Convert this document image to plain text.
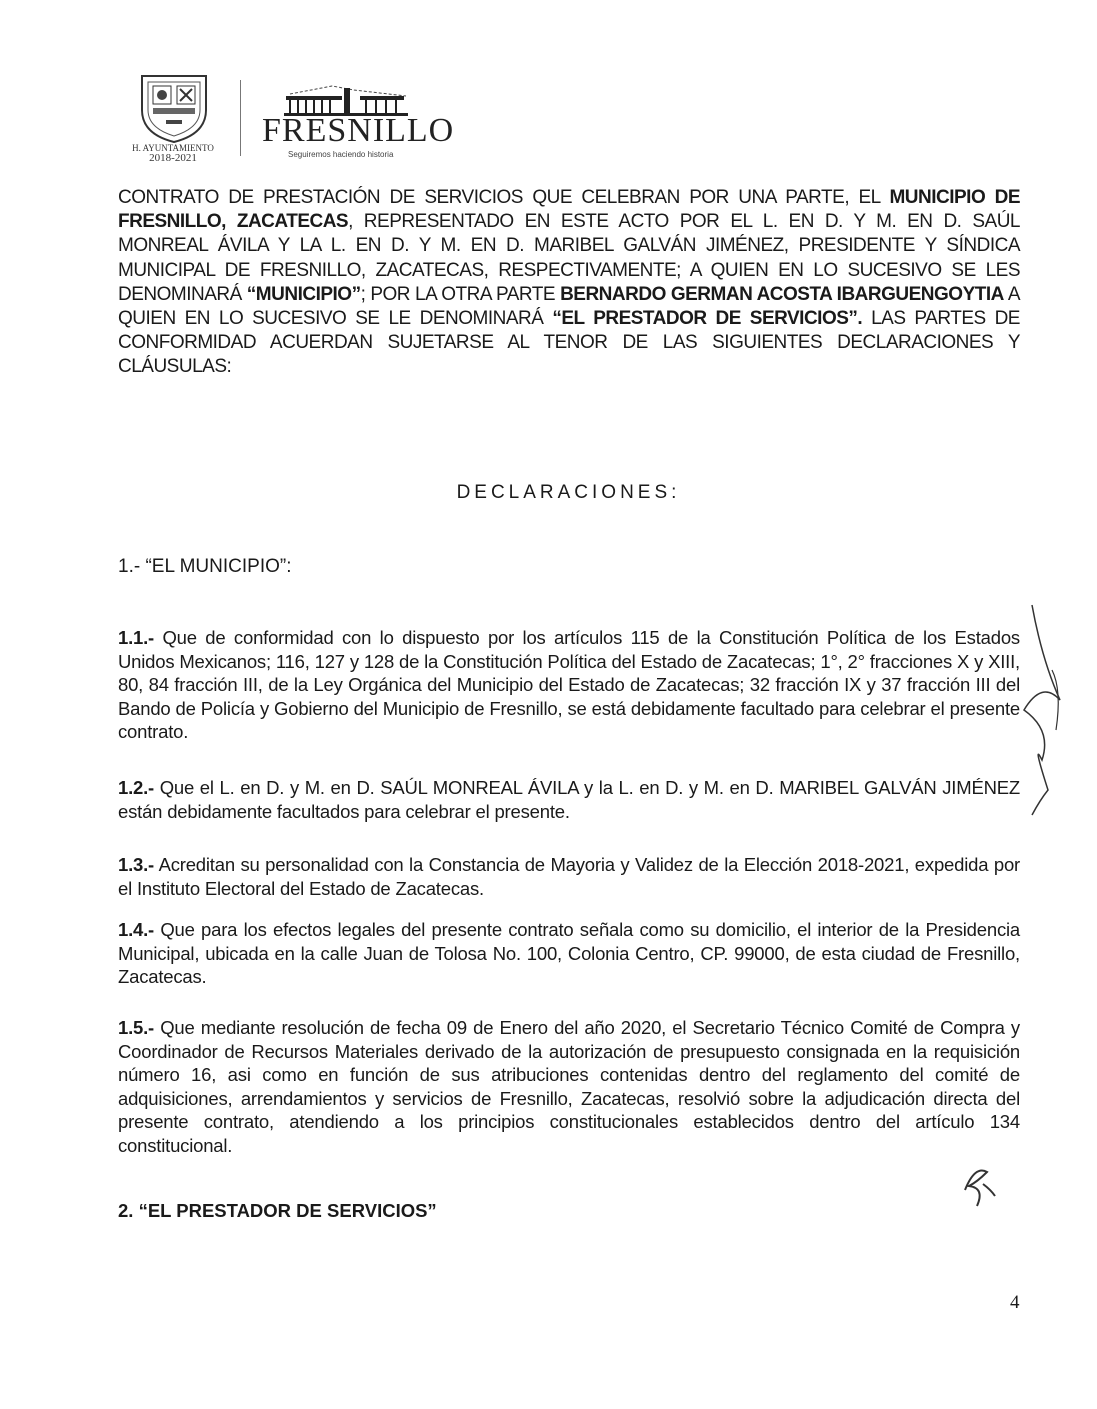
H. AYUNTAMIENTO
2018-2021
FRESNILLO
Seguiremos haciendo historia
CONTRATO DE PRESTACIÓN DE SERVICIOS QUE CELEBRAN POR UNA PARTE, EL MUNICIPIO DE FRESNILLO, ZACATECAS, REPRESENTADO EN ESTE ACTO POR EL L. EN D. Y M. EN D. SAÚL MONREAL ÁVILA Y LA L. EN D. Y M. EN D. MARIBEL GALVÁN JIMÉNEZ, PRESIDENTE Y SÍNDICA MUNICIPAL DE FRESNILLO, ZACATECAS, RESPECTIVAMENTE; A QUIEN EN LO SUCESIVO SE LES DENOMINARÁ “MUNICIPIO”; POR LA OTRA PARTE BERNARDO GERMAN ACOSTA IBARGUENGOYTIA A QUIEN EN LO SUCESIVO SE LE DENOMINARÁ “EL PRESTADOR DE SERVICIOS”. LAS PARTES DE CONFORMIDAD ACUERDAN SUJETARSE AL TENOR DE LAS SIGUIENTES DECLARACIONES Y CLÁUSULAS:
DECLARACIONES:
1.- “EL MUNICIPIO”:
1.1.- Que de conformidad con lo dispuesto por los artículos 115 de la Constitución Política de los Estados Unidos Mexicanos; 116, 127 y 128 de la Constitución Política del Estado de Zacatecas; 1°, 2° fracciones X y XIII, 80, 84 fracción III, de la Ley Orgánica del Municipio del Estado de Zacatecas; 32 fracción IX y 37 fracción III del Bando de Policía y Gobierno del Municipio de Fresnillo, se está debidamente facultado para celebrar el presente contrato.
1.2.- Que el L. en D. y M. en D. SAÚL MONREAL ÁVILA y la L. en D. y M. en D. MARIBEL GALVÁN JIMÉNEZ están debidamente facultados para celebrar el presente.
1.3.- Acreditan su personalidad con la Constancia de Mayoria y Validez de la Elección 2018-2021, expedida por el Instituto Electoral del Estado de Zacatecas.
1.4.- Que para los efectos legales del presente contrato señala como su domicilio, el interior de la Presidencia Municipal, ubicada en la calle Juan de Tolosa No. 100, Colonia Centro, CP. 99000, de esta ciudad de Fresnillo, Zacatecas.
1.5.- Que mediante resolución de fecha 09 de Enero del año 2020, el Secretario Técnico Comité de Compra y Coordinador de Recursos Materiales derivado de la autorización de presupuesto consignada en la requisición número 16, asi como en función de sus atribuciones contenidas dentro del reglamento del comité de adquisiciones, arrendamientos y servicios de Fresnillo, Zacatecas, resolvió sobre la adjudicación directa del presente contrato, atendiendo a los principios constitucionales establecidos dentro del artículo 134 constitucional.
2. “EL PRESTADOR DE SERVICIOS”
4
